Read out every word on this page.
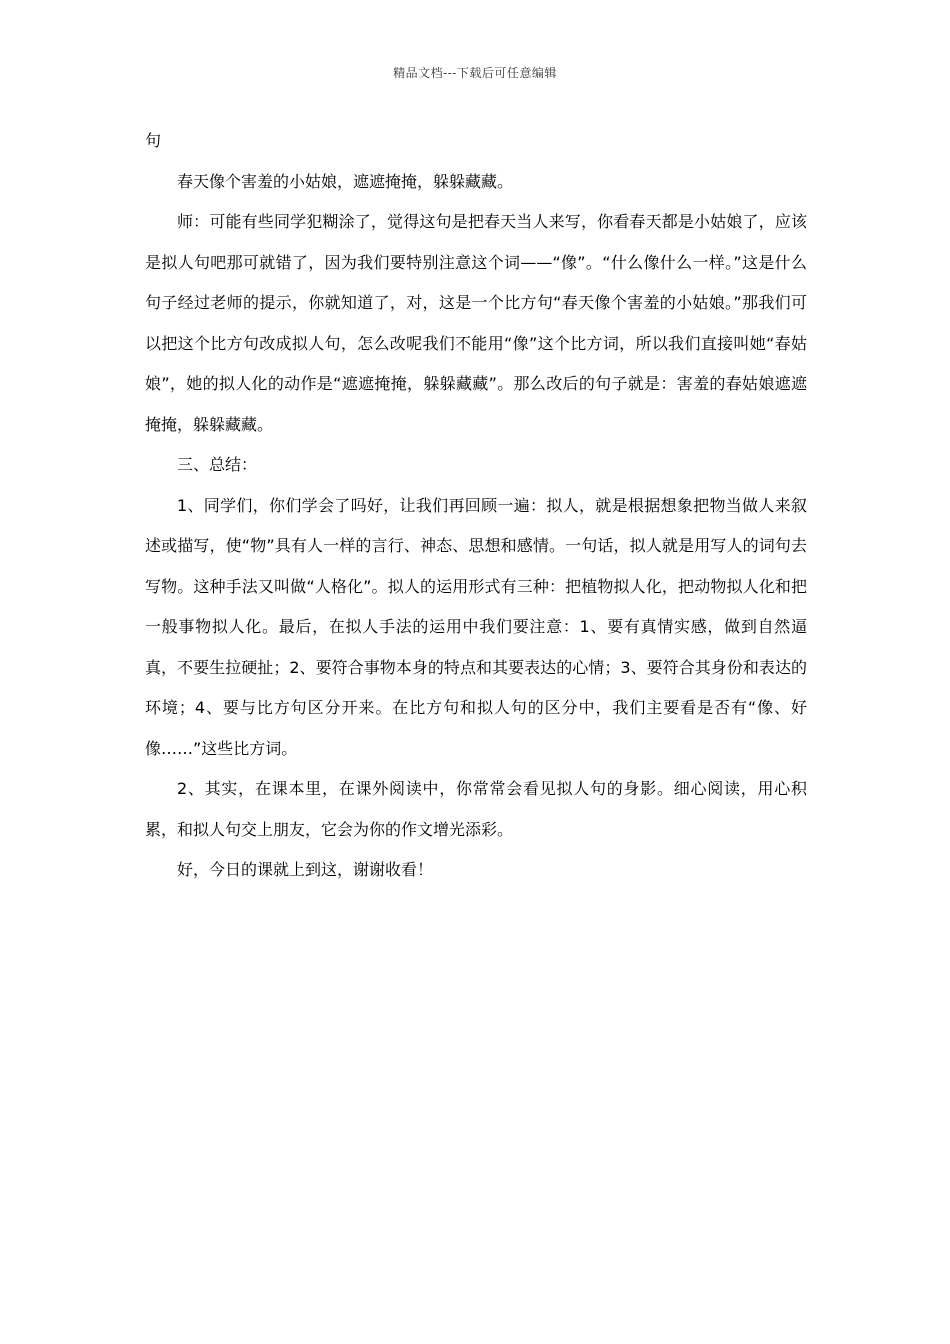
精品文档---下载后可任意编辑

句

春天像个害羞的小姑娘，遮遮掩掩，躲躲藏藏。

师：可能有些同学犯糊涂了，觉得这句是把春天当人来写，你看春天都是小姑娘了，应该是拟人句吧那可就错了，因为我们要特别注意这个词——“像”。“什么像什么一样。”这是什么句子经过老师的提示，你就知道了，对，这是一个比方句“春天像个害羞的小姑娘。”那我们可以把这个比方句改成拟人句，怎么改呢我们不能用“像”这个比方词，所以我们直接叫她“春姑娘”，她的拟人化的动作是“遮遮掩掩，躲躲藏藏”。那么改后的句子就是：害羞的春姑娘遮遮掩掩，躲躲藏藏。

三、总结：

1、同学们，你们学会了吗好，让我们再回顾一遍：拟人，就是根据想象把物当做人来叙述或描写，使“物”具有人一样的言行、神态、思想和感情。一句话，拟人就是用写人的词句去写物。这种手法又叫做“人格化”。拟人的运用形式有三种：把植物拟人化，把动物拟人化和把一般事物拟人化。最后，在拟人手法的运用中我们要注意：1、要有真情实感，做到自然逼真，不要生拉硬扯；2、要符合事物本身的特点和其要表达的心情；3、要符合其身份和表达的环境；4、要与比方句区分开来。在比方句和拟人句的区分中，我们主要看是否有“像、好像……”这些比方词。

2、其实，在课本里，在课外阅读中，你常常会看见拟人句的身影。细心阅读，用心积累，和拟人句交上朋友，它会为你的作文增光添彩。

好，今日的课就上到这，谢谢收看！
